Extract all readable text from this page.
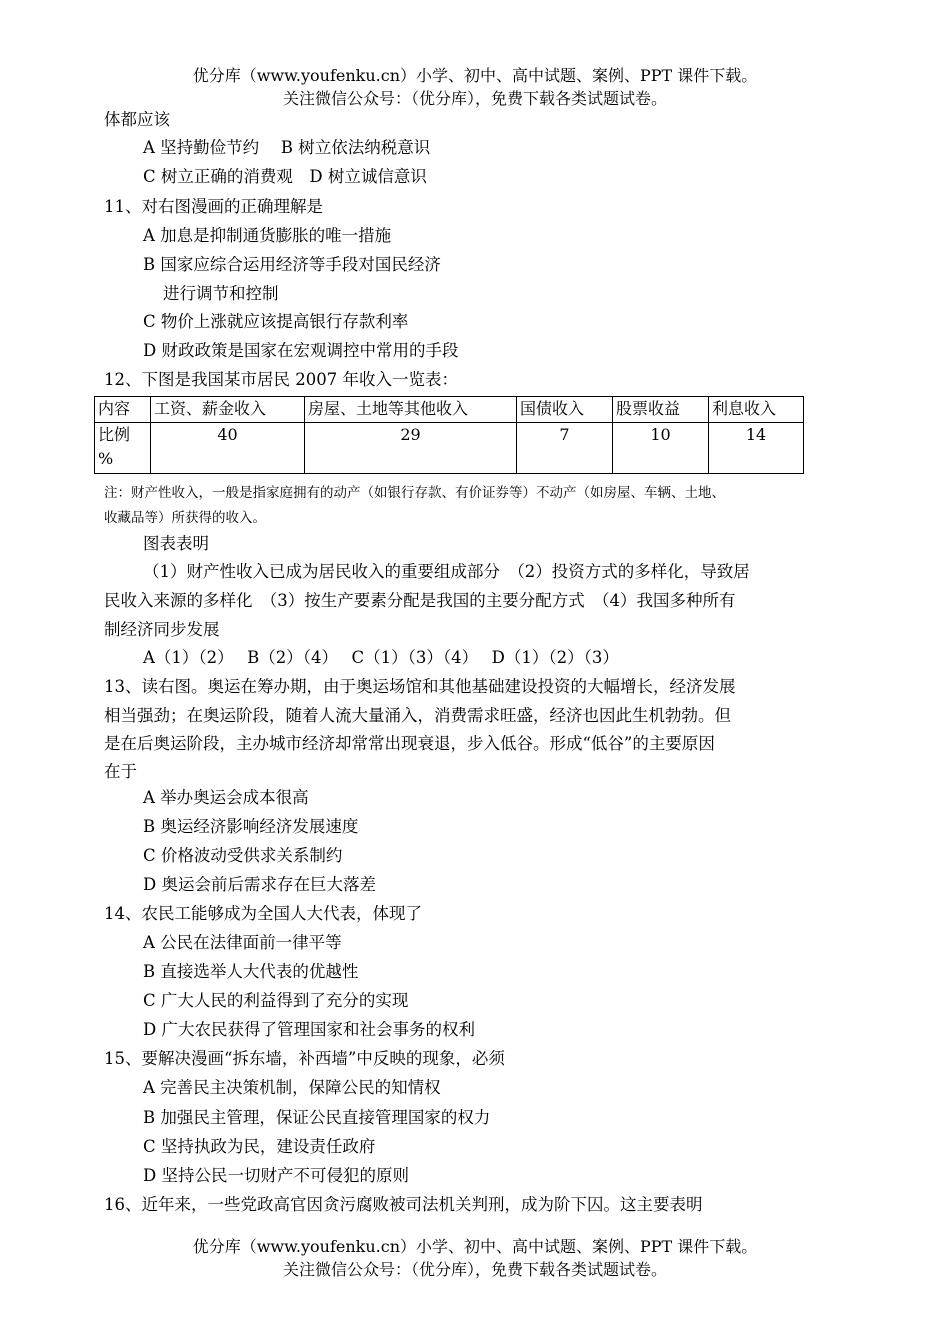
优分库（www.youfenku.cn）小学、初中、高中试题、案例、PPT 课件下载。
关注微信公众号：（优分库），免费下载各类试题试卷。
体都应该
A 坚持勤俭节约　 B 树立依法纳税意识
C 树立正确的消费观　D 树立诚信意识
11、对右图漫画的正确理解是
A 加息是抑制通货膨胀的唯一措施
B 国家应综合运用经济等手段对国民经济
进行调节和控制
C 物价上涨就应该提高银行存款利率
D 财政政策是国家在宏观调控中常用的手段
12、下图是我国某市居民 2007 年收入一览表：
内容	工资、薪金收入	房屋、土地等其他收入	国债收入	股票收益	利息收入
比例
%	40	29	7	10	14
注：财产性收入，一般是指家庭拥有的动产（如银行存款、有价证券等）不动产（如房屋、车辆、土地、
收藏品等）所获得的收入。
图表表明
（1）财产性收入已成为居民收入的重要组成部分　（2）投资方式的多样化，导致居
民收入来源的多样化　（3）按生产要素分配是我国的主要分配方式　（4）我国多种所有
制经济同步发展
A（1）（2）　 B（2）（4）　 C（1）（3）（4）　 D（1）（2）（3）
13、读右图。奥运在筹办期，由于奥运场馆和其他基础建设投资的大幅增长，经济发展
相当强劲；在奥运阶段，随着人流大量涌入，消费需求旺盛，经济也因此生机勃勃。但
是在后奥运阶段，主办城市经济却常常出现衰退，步入低谷。形成“低谷”的主要原因
在于
A 举办奥运会成本很高
B 奥运经济影响经济发展速度
C 价格波动受供求关系制约
D 奥运会前后需求存在巨大落差
14、农民工能够成为全国人大代表，体现了
A 公民在法律面前一律平等
B 直接选举人大代表的优越性
C 广大人民的利益得到了充分的实现
D 广大农民获得了管理国家和社会事务的权利
15、要解决漫画“拆东墙，补西墙”中反映的现象，必须
A 完善民主决策机制，保障公民的知情权
B 加强民主管理，保证公民直接管理国家的权力
C 坚持执政为民，建设责任政府
D 坚持公民一切财产不可侵犯的原则
16、近年来，一些党政高官因贪污腐败被司法机关判刑，成为阶下囚。这主要表明
优分库（www.youfenku.cn）小学、初中、高中试题、案例、PPT 课件下载。
关注微信公众号：（优分库），免费下载各类试题试卷。
